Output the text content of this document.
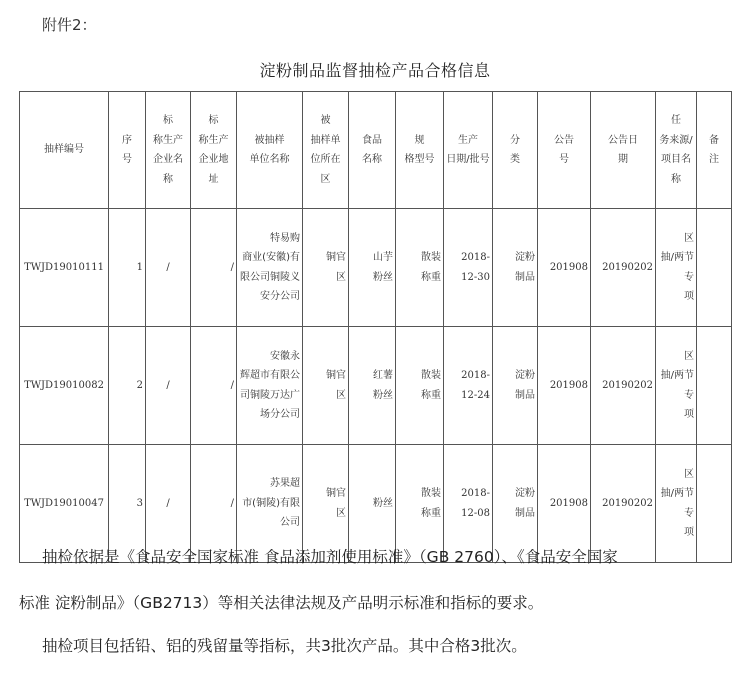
附件2：
淀粉制品监督抽检产品合格信息
抽样编号	序
号	标
称生产
企业名
称	标
称生产
企业地
址	被抽样
单位名称	被
抽样单
位所在
区	食品
名称	规
格型号	生产
日期/批号	分
类	公告
号	公告日
期	任
务来源/
项目名
称	备
注

TWJD19010111	1	/	/	特易购
商业(安徽)有
限公司铜陵义
安分公司	铜官
区	山芋
粉丝	散装
称重	2018-
12-30	淀粉
制品	201908	20190202	区
抽/两节专
项	

TWJD19010082	2	/	/	安徽永
辉超市有限公
司铜陵万达广
场分公司	铜官
区	红薯
粉丝	散装
称重	2018-
12-24	淀粉
制品	201908	20190202	区
抽/两节专
项	

TWJD19010047	3	/	/	苏果超
市(铜陵)有限
公司	铜官
区	粉丝	散装
称重	2018-
12-08	淀粉
制品	201908	20190202	区
抽/两节专
项	

抽检依据是《食品安全国家标准 食品添加剂使用标准》（GB 2760）、《食品安全国家
标准 淀粉制品》（GB2713）等相关法律法规及产品明示标准和指标的要求。
抽检项目包括铅、铝的残留量等指标，共3批次产品。其中合格3批次。
